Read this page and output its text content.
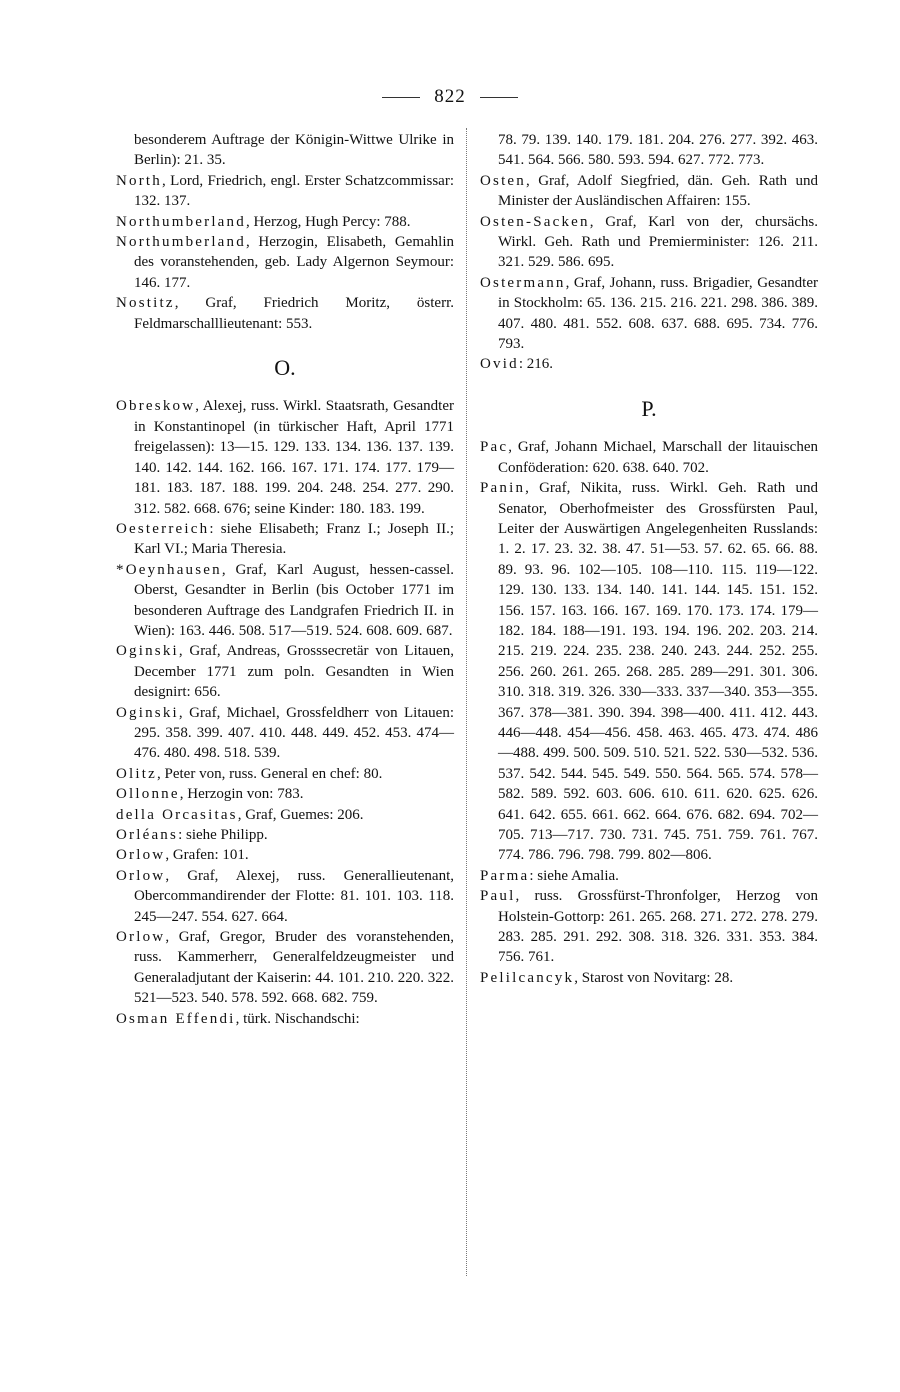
822

besonderem Auftrage der Königin-Wittwe Ulrike in Berlin): 21. 35.

North, Lord, Friedrich, engl. Erster Schatzcommissar: 132. 137.

Northumberland, Herzog, Hugh Percy: 788.

Northumberland, Herzogin, Elisabeth, Gemahlin des voranstehenden, geb. Lady Algernon Seymour: 146. 177.

Nostitz, Graf, Friedrich Moritz, österr. Feldmarschalllieutenant: 553.

O.

Obreskow, Alexej, russ. Wirkl. Staatsrath, Gesandter in Konstantinopel (in türkischer Haft, April 1771 freigelassen): 13—15. 129. 133. 134. 136. 137. 139. 140. 142. 144. 162. 166. 167. 171. 174. 177. 179—181. 183. 187. 188. 199. 204. 248. 254. 277. 290. 312. 582. 668. 676; seine Kinder: 180. 183. 199.

Oesterreich: siehe Elisabeth; Franz I.; Joseph II.; Karl VI.; Maria Theresia.

*Oeynhausen, Graf, Karl August, hessen-cassel. Oberst, Gesandter in Berlin (bis October 1771 im besonderen Auftrage des Landgrafen Friedrich II. in Wien): 163. 446. 508. 517—519. 524. 608. 609. 687.

Oginski, Graf, Andreas, Grosssecretär von Litauen, December 1771 zum poln. Gesandten in Wien designirt: 656.

Oginski, Graf, Michael, Grossfeldherr von Litauen: 295. 358. 399. 407. 410. 448. 449. 452. 453. 474—476. 480. 498. 518. 539.

Olitz, Peter von, russ. General en chef: 80.

Ollonne, Herzogin von: 783.

della Orcasitas, Graf, Guemes: 206.

Orléans: siehe Philipp.

Orlow, Grafen: 101.

Orlow, Graf, Alexej, russ. Generallieutenant, Obercommandirender der Flotte: 81. 101. 103. 118. 245—247. 554. 627. 664.

Orlow, Graf, Gregor, Bruder des voranstehenden, russ. Kammerherr, Generalfeldzeugmeister und Generaladjutant der Kaiserin: 44. 101. 210. 220. 322. 521—523. 540. 578. 592. 668. 682. 759.

Osman Effendi, türk. Nischandschi:

78. 79. 139. 140. 179. 181. 204. 276. 277. 392. 463. 541. 564. 566. 580. 593. 594. 627. 772. 773.

Osten, Graf, Adolf Siegfried, dän. Geh. Rath und Minister der Ausländischen Affairen: 155.

Osten-Sacken, Graf, Karl von der, chursächs. Wirkl. Geh. Rath und Premierminister: 126. 211. 321. 529. 586. 695.

Ostermann, Graf, Johann, russ. Brigadier, Gesandter in Stockholm: 65. 136. 215. 216. 221. 298. 386. 389. 407. 480. 481. 552. 608. 637. 688. 695. 734. 776. 793.

Ovid: 216.

P.

Pac, Graf, Johann Michael, Marschall der litauischen Conföderation: 620. 638. 640. 702.

Panin, Graf, Nikita, russ. Wirkl. Geh. Rath und Senator, Oberhofmeister des Grossfürsten Paul, Leiter der Auswärtigen Angelegenheiten Russlands: 1. 2. 17. 23. 32. 38. 47. 51—53. 57. 62. 65. 66. 88. 89. 93. 96. 102—105. 108—110. 115. 119—122. 129. 130. 133. 134. 140. 141. 144. 145. 151. 152. 156. 157. 163. 166. 167. 169. 170. 173. 174. 179—182. 184. 188—191. 193. 194. 196. 202. 203. 214. 215. 219. 224. 235. 238. 240. 243. 244. 252. 255. 256. 260. 261. 265. 268. 285. 289—291. 301. 306. 310. 318. 319. 326. 330—333. 337—340. 353—355. 367. 378—381. 390. 394. 398—400. 411. 412. 443. 446—448. 454—456. 458. 463. 465. 473. 474. 486—488. 499. 500. 509. 510. 521. 522. 530—532. 536. 537. 542. 544. 545. 549. 550. 564. 565. 574. 578—582. 589. 592. 603. 606. 610. 611. 620. 625. 626. 641. 642. 655. 661. 662. 664. 676. 682. 694. 702—705. 713—717. 730. 731. 745. 751. 759. 761. 767. 774. 786. 796. 798. 799. 802—806.

Parma: siehe Amalia.

Paul, russ. Grossfürst-Thronfolger, Herzog von Holstein-Gottorp: 261. 265. 268. 271. 272. 278. 279. 283. 285. 291. 292. 308. 318. 326. 331. 353. 384. 756. 761.

Pelilcancyk, Starost von Novitarg: 28.
